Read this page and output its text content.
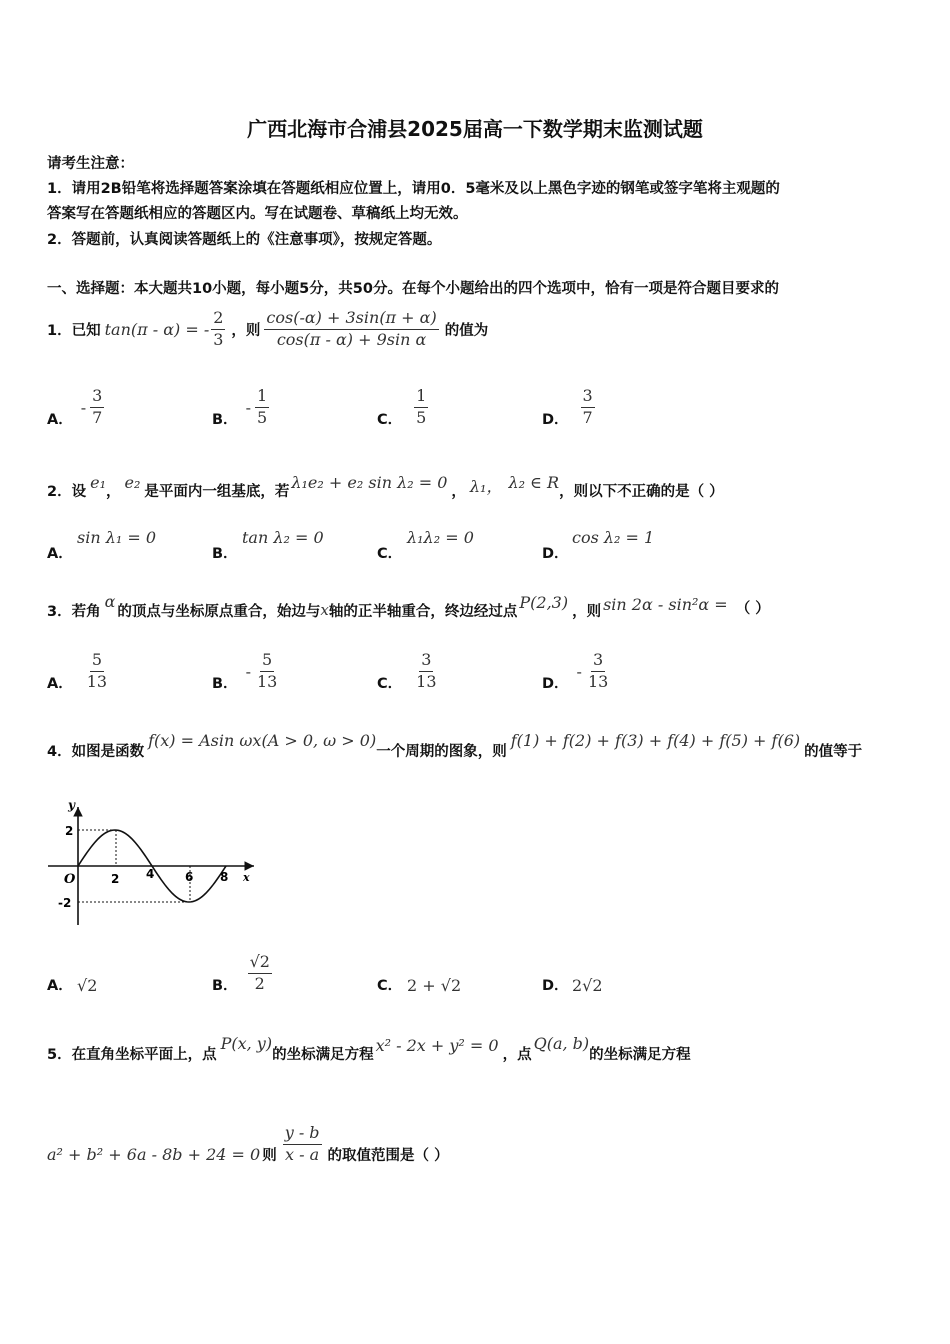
广西北海市合浦县2025届高一下数学期末监测试题
请考生注意：
1．请用2B铅笔将选择题答案涂填在答题纸相应位置上，请用0．5毫米及以上黑色字迹的钢笔或签字笔将主观题的
答案写在答题纸相应的答题区内。写在试题卷、草稿纸上均无效。
2．答题前，认真阅读答题纸上的《注意事项》，按规定答题。
一、选择题：本大题共10小题，每小题5分，共50分。在每个小题给出的四个选项中，恰有一项是符合题目要求的
1．已知 tan(π - α) = - $\frac{2}{3}$ ，则 $\frac{\cos(-\alpha) + 3\sin(\pi + \alpha)}{\text{cos(π - α) + 9sin α}}$ 的值为
A．
- $\frac{3}{7}$	B．
- $\frac{1}{5}$	C． $\frac{1}{5}$	D． $\frac{3}{7}$
2．设 e₁ ， e₂ 是平面内一组基底，若 λ₁e₂ + e₂ sin λ₂ = 0 ， λ₁， λ₂ ∈ R ，则以下不正确的是（ ）
A．
sin λ₁ = 0
B．
tan λ₂ = 0
C．
λ₁λ₂ = 0
D．
cos λ₂ = 1
3．若角
α
的顶点与坐标原点重合，始边与 x 轴的正半轴重合，终边经过点 P(2,3) ，则 sin 2α - sin²α = （ ）
A． $\frac{5}{13}$	B．
- $\frac{5}{13}$	C． $\frac{3}{13}$	D．
- $\frac{3}{13}$
4．如图是函数
f(x) = Asin ωx(A > 0, ω > 0)
一个周期的图象，则
f(1) + f(2) + f(3) + f(4) + f(5) + f(6)
的值等于
y
x
O
2
-2
2 4	6 8
A． √2	B． $\frac{√2}{2}$	C． 2 + √2	D． 2√2
5．在直角坐标平面上，点
P(x, y)
的坐标满足方程 x² - 2x + y² = 0 ，点
Q(a, b)
的坐标满足方程
a² + b² + 6a - 8b + 24 = 0 则 $\frac{y - b}{x - a}$ 的取值范围是（ ）
